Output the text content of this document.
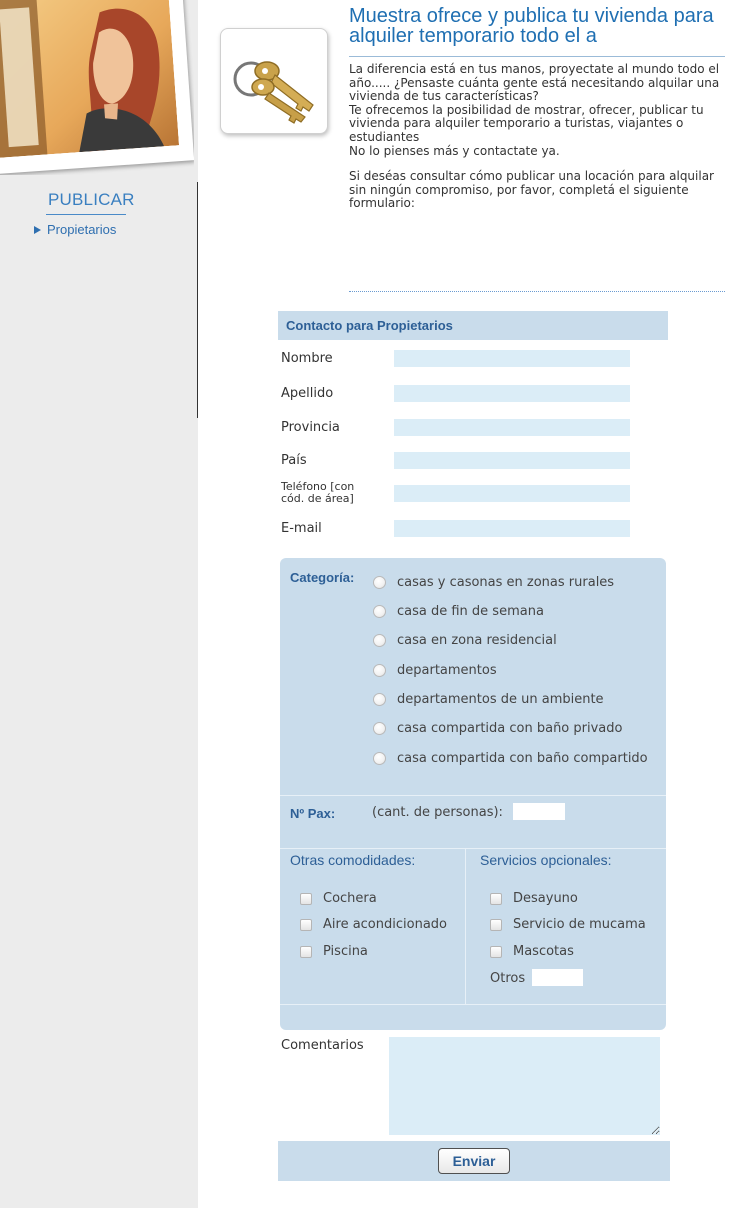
PUBLICAR
Propietarios
Muestra ofrece y publica tu vivienda para
alquiler temporario todo el a

La diferencia está en tus manos, proyectate al mundo todo el año..... ¿Pensaste cuánta gente está necesitando alquilar una vivienda de tus características?

Te ofrecemos la posibilidad de mostrar, ofrecer, publicar tu vivienda para alquiler temporario a turistas, viajantes o estudiantes

No lo pienses más y contactate ya.

Si deséas consultar cómo publicar una locación para alquilar sin ningún compromiso, por favor, completá el siguiente formulario:

Contacto para Propietarios
Nombre
Apellido
Provincia
País
Teléfono [con
cód. de área]
E-mail
Categoría:	casas y casonas en zonas rurales
casa de fin de semana
casa en zona residencial
departamentos
departamentos de un ambiente
casa compartida con baño privado
casa compartida con baño compartido
Nº Pax:	(cant. de personas):
Otras comodidades:	Servicios opcionales:
Cochera
Aire acondicionado
Piscina
Desayuno
Servicio de mucama
Mascotas
Otros
Comentarios
Enviar
